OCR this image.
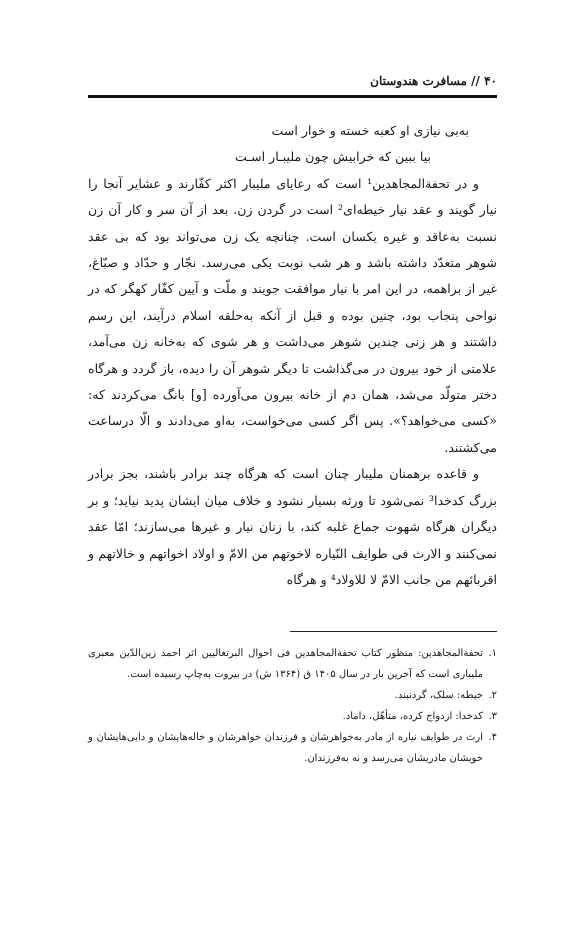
۴۰ // مسافرت هندوستان

به‌بی نیازی او کعبه خسته و خوار است

بیا ببین که خرابیش چون ملیبـار اسـت

و در تحفةالمجاهدین¹ است که رعایای ملیبار اکثر کفّارند و عشایر آنجا را نیار گویند و عقد نیار خیطه‌ای² است در گردن زن. بعد از آن سر و کار آن زن نسبت به‌عاقد و غیره یکسان است. چنانچه یک زن می‌تواند بود که بی عقد شوهر متعدّد داشته باشد و هر شب نوبت یکی می‌رسد. نجّار و حدّاد و صبّاغ، غیر از براهمه، در این امر با نیار موافقت جویند و ملّت و آیین کفّار کهگر که در نواحی پنجاب بود، چنین بوده و قبل از آنکه به‌حلقه اسلام درآیند، این رسم داشتند و هر زنی چندین شوهر می‌داشت و هر شوی که به‌خانه زن می‌آمد، علامتی از خود بیرون در می‌گذاشت تا دیگر شوهر آن را دیده، باز گردد و هرگاه دختر متولّد می‌شد، همان دم از خانه بیرون می‌آورده [و] بانگ می‌کردند که: «کسی می‌خواهد؟». پس اگر کسی می‌خواست، به‌او می‌دادند و الّا درساعت می‌کشتند.

و قاعده برهمنان ملیبار چنان است که هرگاه چند برادر باشند، بجز برادر بزرگ کدخدا³ نمی‌شود تا ورثه بسیار نشود و خلاف میان ایشان پدید نیاید؛ و بر دیگران هرگاه شهوت جماع غلبه کند، با زنان نیار و غیرها می‌سازند؛ امّا عقد نمی‌کنند و الارث فی طوایف النّیاره لاخوتهم من الامّ و اولاد اخواتهم و خالاتهم و اقربائهم من جانب الامّ لا للاولاد⁴ و هرگاه

۱.
تحفةالمجاهدین: منظور کتاب تحفةالمجاهدین فی احوال البرتغالیین اثر احمد زین‌الدّین معبری ملیباری است که آخرین بار در سال ۱۴۰۵ ق (۱۳۶۴ ش) در بیروت به‌چاپ رسیده است.

۲.
خیطه: سلک، گردنبند.

۳.
کدخدا: ازدواج کرده، متأهّل، داماد.

۴.
ارث در طوایف نیاره از مادر به‌خواهرشان و فرزندان خواهرشان و خاله‌هایشان و دایی‌هایشان و خویشان مادریشان می‌رسد و نه به‌فرزندان.
